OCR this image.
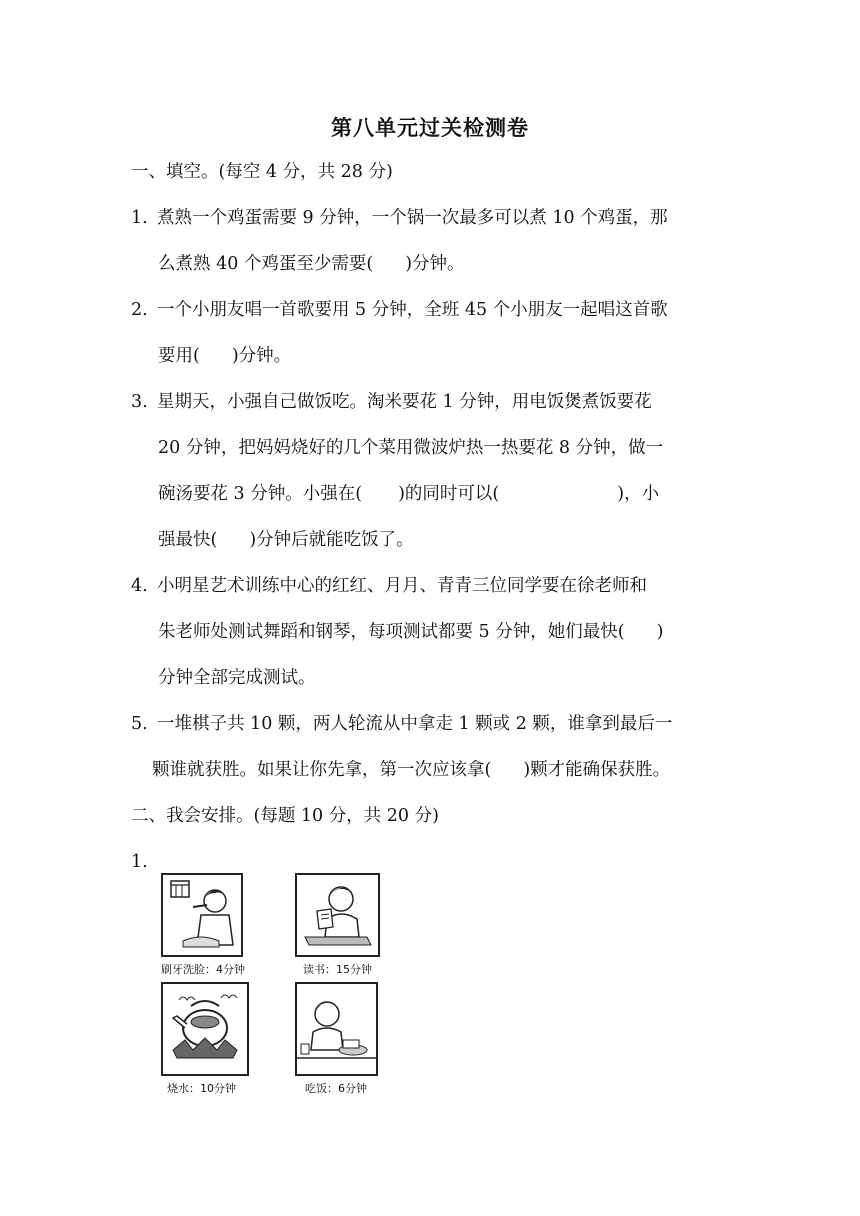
第八单元过关检测卷
一、填空。(每空 4 分，共 28 分)
1. 煮熟一个鸡蛋需要 9 分钟，一个锅一次最多可以煮 10 个鸡蛋，那
么煮熟 40 个鸡蛋至少需要( )分钟。
2. 一个小朋友唱一首歌要用 5 分钟，全班 45 个小朋友一起唱这首歌
要用( )分钟。
3. 星期天，小强自己做饭吃。淘米要花 1 分钟，用电饭煲煮饭要花
20 分钟，把妈妈烧好的几个菜用微波炉热一热要花 8 分钟，做一
碗汤要花 3 分钟。小强在( )的同时可以(	)，小
强最快( )分钟后就能吃饭了。
4. 小明星艺术训练中心的红红、月月、青青三位同学要在徐老师和
朱老师处测试舞蹈和钢琴，每项测试都要 5 分钟，她们最快( )
分钟全部完成测试。
5. 一堆棋子共 10 颗，两人轮流从中拿走 1 颗或 2 颗，谁拿到最后一
颗谁就获胜。如果让你先拿，第一次应该拿( )颗才能确保获胜。
二、我会安排。(每题 10 分，共 20 分)
1.
刷牙洗脸：4分钟	读书：15分钟
烧水：10分钟	吃饭：6分钟
